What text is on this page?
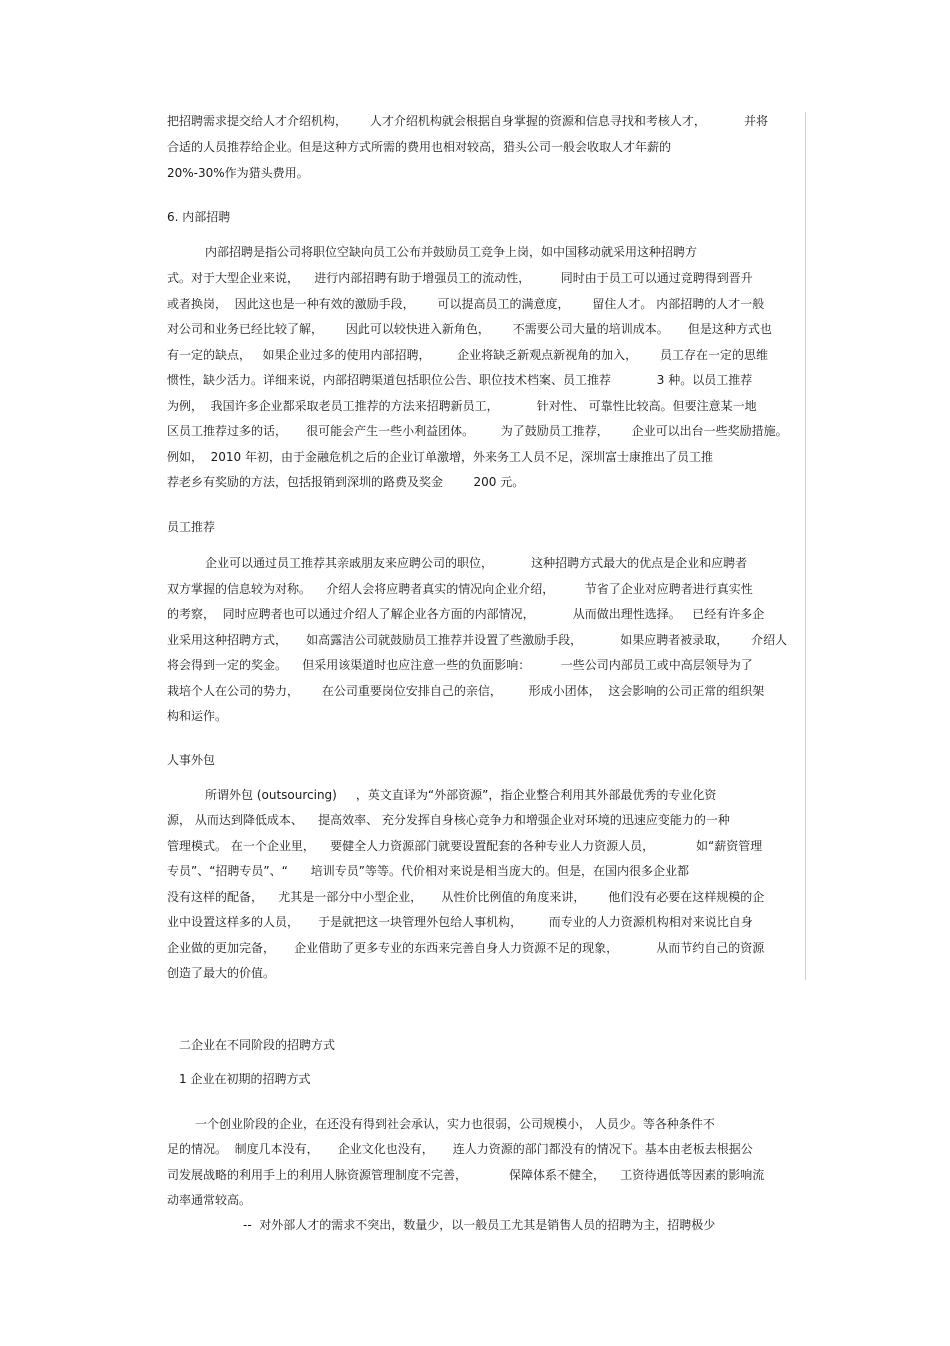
把招聘需求提交给人才介绍机构，      人才介绍机构就会根据自身掌握的资源和信息寻找和考核人才，          并将
合适的人员推荐给企业。但是这种方式所需的费用也相对较高，猎头公司一般会收取人才年薪的
20%-30%作为猎头费用。
6. 内部招聘
内部招聘是指公司将职位空缺向员工公布并鼓励员工竞争上岗，如中国移动就采用这种招聘方
式。对于大型企业来说，    进行内部招聘有助于增强员工的流动性，        同时由于员工可以通过竞聘得到晋升
或者换岗，  因此这也是一种有效的激励手段，      可以提高员工的满意度，      留住人才。 内部招聘的人才一般
对公司和业务已经比较了解，      因此可以较快进入新角色，      不需要公司大量的培训成本。     但是这种方式也
有一定的缺点，   如果企业过多的使用内部招聘，       企业将缺乏新观点新视角的加入，      员工存在一定的思维
惯性，缺少活力。详细来说，内部招聘渠道包括职位公告、职位技术档案、员工推荐            3 种。以员工推荐
为例，  我国许多企业都采取老员工推荐的方法来招聘新员工，          针对性、 可靠性比较高。但要注意某一地
区员工推荐过多的话，     很可能会产生一些小利益团体。       为了鼓励员工推荐，      企业可以出台一些奖励措施。
例如，  2010 年初，由于金融危机之后的企业订单激增，外来务工人员不足，深圳富士康推出了员工推
荐老乡有奖励的方法，包括报销到深圳的路费及奖金        200 元。
员工推荐
企业可以通过员工推荐其亲戚朋友来应聘公司的职位，          这种招聘方式最大的优点是企业和应聘者
双方掌握的信息较为对称。    介绍人会将应聘者真实的情况向企业介绍，        节省了企业对应聘者进行真实性
的考察，  同时应聘者也可以通过介绍人了解企业各方面的内部情况，          从而做出理性选择。   已经有许多企
业采用这种招聘方式，     如高露洁公司就鼓励员工推荐并设置了些激励手段，          如果应聘者被录取，      介绍人
将会得到一定的奖金。    但采用该渠道时也应注意一些的负面影响：        一些公司内部员工或中高层领导为了
栽培个人在公司的势力，      在公司重要岗位安排自己的亲信，       形成小团体，  这会影响的公司正常的组织架
构和运作。
人事外包
所谓外包 (outsourcing)     ，英文直译为“外部资源”，指企业整合利用其外部最优秀的专业化资
源， 从而达到降低成本、    提高效率、 充分发挥自身核心竞争力和增强企业对环境的迅速应变能力的一种
管理模式。 在一个企业里，    要健全人力资源部门就要设置配套的各种专业人力资源人员，           如“薪资管理
专员”、“招聘专员”、“      培训专员”等等。代价相对来说是相当庞大的。但是，在国内很多企业都
没有这样的配备，    尤其是一部分中小型企业，     从性价比例值的角度来讲，      他们没有必要在这样规模的企
业中设置这样多的人员，     于是就把这一块管理外包给人事机构，       而专业的人力资源机构相对来说比自身
企业做的更加完备，     企业借助了更多专业的东西来完善自身人力资源不足的现象，          从而节约自己的资源
创造了最大的价值。
二企业在不同阶段的招聘方式
1 企业在初期的招聘方式
一个创业阶段的企业，在还没有得到社会承认，实力也很弱，公司规模小， 人员少。等各种条件不
足的情况。  制度几本没有，     企业文化也没有，     连人力资源的部门都没有的情况下。基本由老板去根据公
司发展战略的利用手上的利用人脉资源管理制度不完善，           保障体系不健全，    工资待遇低等因素的影响流
动率通常较高。
--  对外部人才的需求不突出，数量少，以一般员工尤其是销售人员的招聘为主，招聘极少
